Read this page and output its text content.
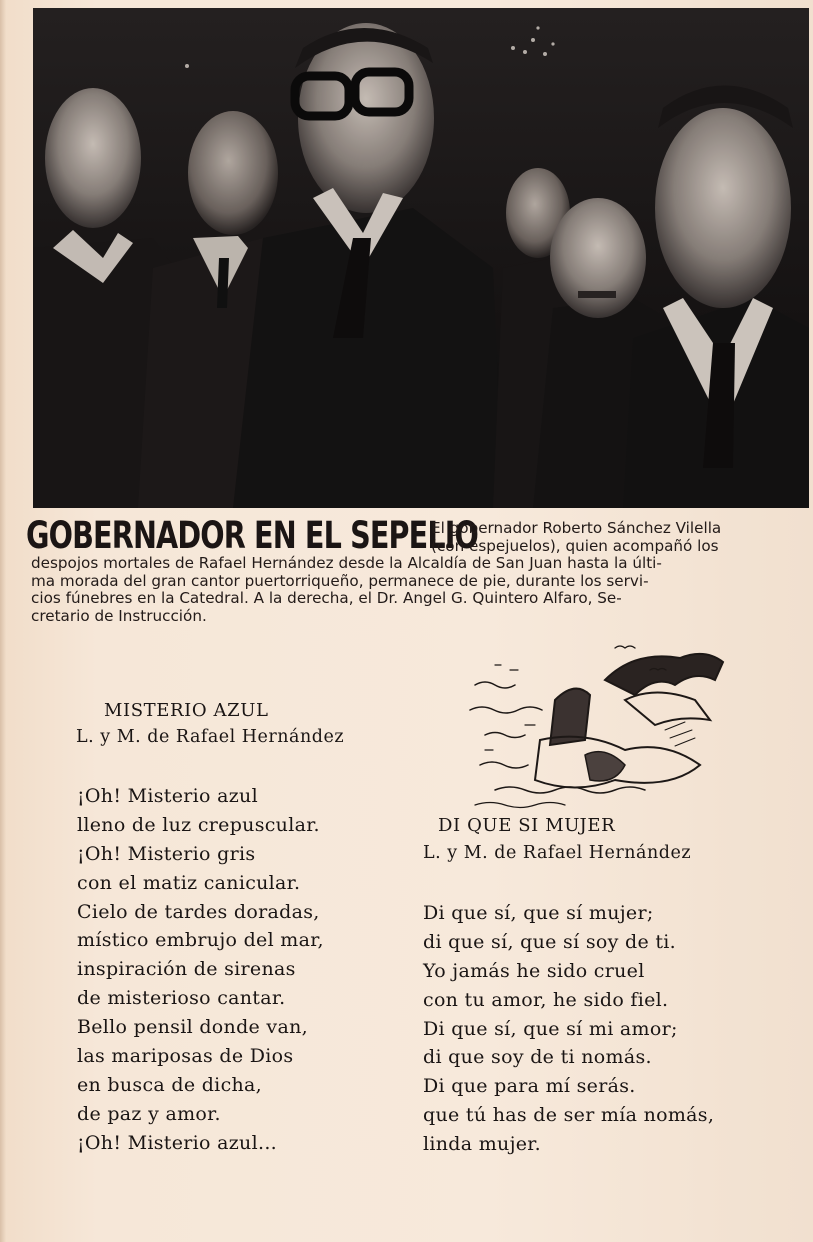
GOBERNADOR EN EL SEPELIO
El gobernador Roberto Sánchez Vilella
(con espejuelos), quien acompañó los
despojos mortales de Rafael Hernández desde la Alcaldía de San Juan hasta la últi-
ma morada del gran cantor puertorriqueño, permanece de pie, durante los servi-
cios fúnebres en la Catedral. A la derecha, el Dr. Angel G. Quintero Alfaro, Se-
cretario de Instrucción.
MISTERIO AZUL
L. y M. de Rafael Hernández
¡Oh! Misterio azul
lleno de luz crepuscular.
¡Oh! Misterio gris
con el matiz canicular.
Cielo de tardes doradas,
místico embrujo del mar,
inspiración de sirenas
de misterioso cantar.
Bello pensil donde van,
las mariposas de Dios
en busca de dicha,
de paz y amor.
¡Oh! Misterio azul...
DI QUE SI MUJER
L. y M. de Rafael Hernández
Di que sí, que sí mujer;
di que sí, que sí soy de ti.
Yo jamás he sido cruel
con tu amor, he sido fiel.
Di que sí, que sí mi amor;
di que soy de ti nomás.
Di que para mí serás.
que tú has de ser mía nomás,
linda mujer.
